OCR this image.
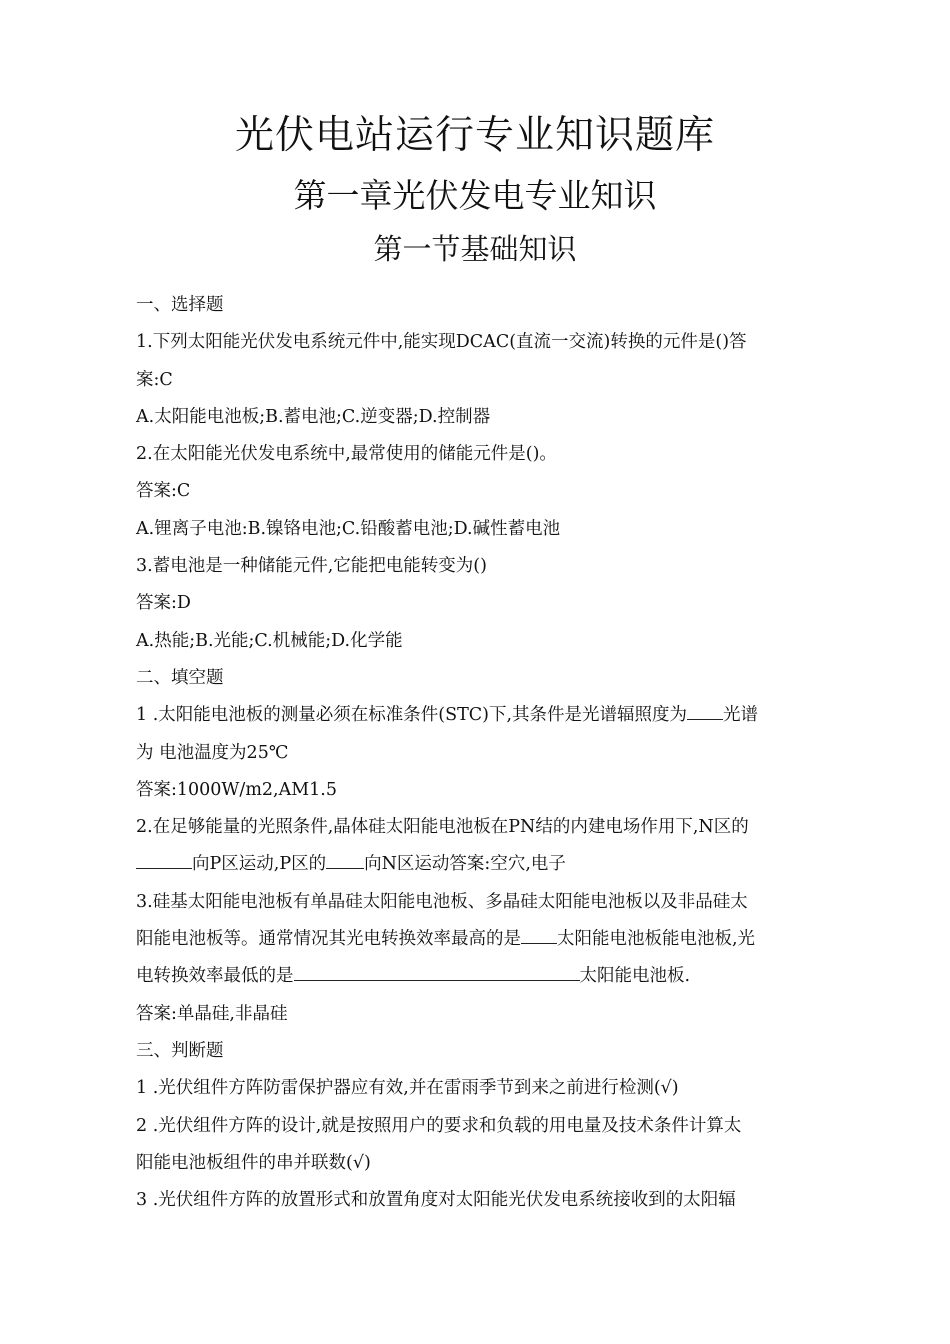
光伏电站运行专业知识题库
第一章光伏发电专业知识
第一节基础知识
一、选择题
1.下列太阳能光伏发电系统元件中,能实现DCAC(直流一交流)转换的元件是()答
案:C
A.太阳能电池板;B.蓄电池;C.逆变器;D.控制器
2.在太阳能光伏发电系统中,最常使用的储能元件是()。
答案:C
A.锂离子电池:B.镍铬电池;C.铅酸蓄电池;D.碱性蓄电池
3.蓄电池是一种储能元件,它能把电能转变为()
答案:D
A.热能;B.光能;C.机械能;D.化学能
二、填空题
1 .太阳能电池板的测量必须在标准条件(STC)下,其条件是光谱辐照度为 光谱
为 电池温度为25℃
答案:1000W/m2,AM1.5
2.在足够能量的光照条件,晶体硅太阳能电池板在PN结的内建电场作用下,N区的
向P区运动,P区的 向N区运动答案:空穴,电子
3.硅基太阳能电池板有单晶硅太阳能电池板、多晶硅太阳能电池板以及非品硅太
阳能电池板等。通常情况其光电转换效率最高的是 太阳能电池板能电池板,光
电转换效率最低的是	太阳能电池板.
答案:单晶硅,非晶硅
三、判断题
1 .光伏组件方阵防雷保护器应有效,并在雷雨季节到来之前进行检测(√)
2 .光伏组件方阵的设计,就是按照用户的要求和负载的用电量及技术条件计算太
阳能电池板组件的串并联数(√)
3 .光伏组件方阵的放置形式和放置角度对太阳能光伏发电系统接收到的太阳辐
